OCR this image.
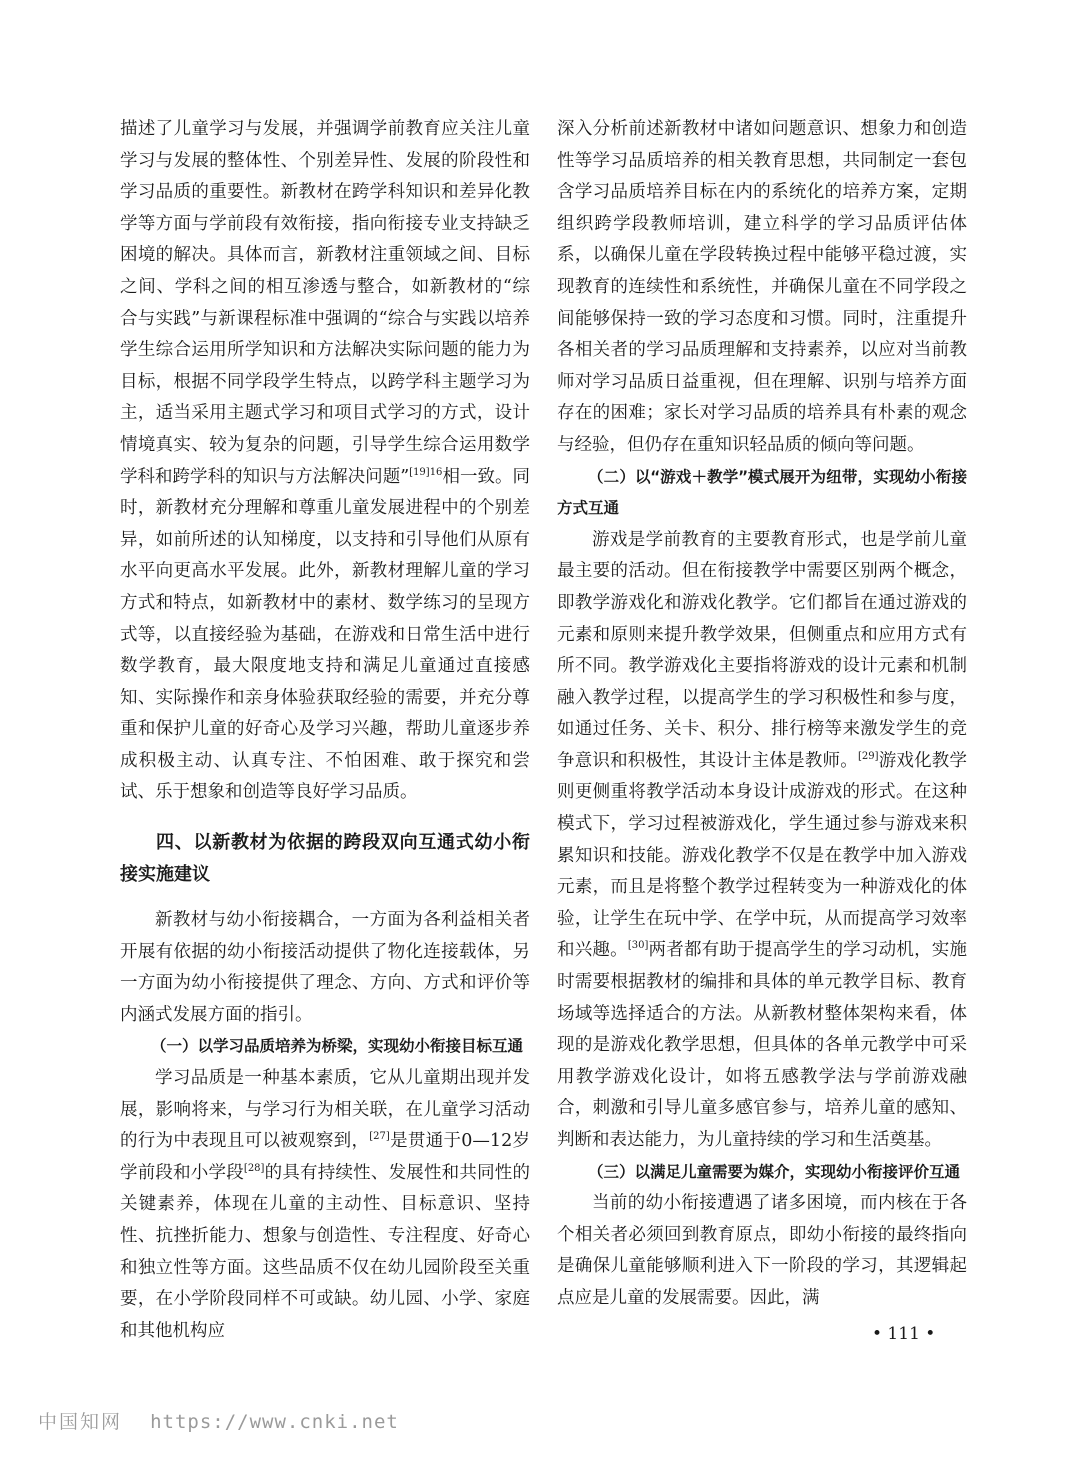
描述了儿童学习与发展，并强调学前教育应关注儿童学习与发展的整体性、个别差异性、发展的阶段性和学习品质的重要性。新教材在跨学科知识和差异化教学等方面与学前段有效衔接，指向衔接专业支持缺乏困境的解决。具体而言，新教材注重领域之间、目标之间、学科之间的相互渗透与整合，如新教材的“综合与实践”与新课程标准中强调的“综合与实践以培养学生综合运用所学知识和方法解决实际问题的能力为目标，根据不同学段学生特点，以跨学科主题学习为主，适当采用主题式学习和项目式学习的方式，设计情境真实、较为复杂的问题，引导学生综合运用数学学科和跨学科的知识与方法解决问题”$^{[19]16}$相一致。同时，新教材充分理解和尊重儿童发展进程中的个别差异，如前所述的认知梯度，以支持和引导他们从原有水平向更高水平发展。此外，新教材理解儿童的学习方式和特点，如新教材中的素材、数学练习的呈现方式等，以直接经验为基础，在游戏和日常生活中进行数学教育，最大限度地支持和满足儿童通过直接感知、实际操作和亲身体验获取经验的需要，并充分尊重和保护儿童的好奇心及学习兴趣，帮助儿童逐步养成积极主动、认真专注、不怕困难、敢于探究和尝试、乐于想象和创造等良好学习品质。

四、以新教材为依据的跨段双向互通式幼小衔接实施建议

新教材与幼小衔接耦合，一方面为各利益相关者开展有依据的幼小衔接活动提供了物化连接载体，另一方面为幼小衔接提供了理念、方向、方式和评价等内涵式发展方面的指引。

（一）以学习品质培养为桥梁，实现幼小衔接目标互通

学习品质是一种基本素质，它从儿童期出现并发展，影响将来，与学习行为相关联，在儿童学习活动的行为中表现且可以被观察到，[27]是贯通于0—12岁学前段和小学段[28]的具有持续性、发展性和共同性的关键素养，体现在儿童的主动性、目标意识、坚持性、抗挫折能力、想象与创造性、专注程度、好奇心和独立性等方面。这些品质不仅在幼儿园阶段至关重要，在小学阶段同样不可或缺。幼儿园、小学、家庭和其他机构应

深入分析前述新教材中诸如问题意识、想象力和创造性等学习品质培养的相关教育思想，共同制定一套包含学习品质培养目标在内的系统化的培养方案，定期组织跨学段教师培训，建立科学的学习品质评估体系，以确保儿童在学段转换过程中能够平稳过渡，实现教育的连续性和系统性，并确保儿童在不同学段之间能够保持一致的学习态度和习惯。同时，注重提升各相关者的学习品质理解和支持素养，以应对当前教师对学习品质日益重视，但在理解、识别与培养方面存在的困难；家长对学习品质的培养具有朴素的观念与经验，但仍存在重知识轻品质的倾向等问题。

（二）以“游戏＋教学”模式展开为纽带，实现幼小衔接方式互通

游戏是学前教育的主要教育形式，也是学前儿童最主要的活动。但在衔接教学中需要区别两个概念，即教学游戏化和游戏化教学。它们都旨在通过游戏的元素和原则来提升教学效果，但侧重点和应用方式有所不同。教学游戏化主要指将游戏的设计元素和机制融入教学过程，以提高学生的学习积极性和参与度，如通过任务、关卡、积分、排行榜等来激发学生的竞争意识和积极性，其设计主体是教师。[29]游戏化教学则更侧重将教学活动本身设计成游戏的形式。在这种模式下，学习过程被游戏化，学生通过参与游戏来积累知识和技能。游戏化教学不仅是在教学中加入游戏元素，而且是将整个教学过程转变为一种游戏化的体验，让学生在玩中学、在学中玩，从而提高学习效率和兴趣。[30]两者都有助于提高学生的学习动机，实施时需要根据教材的编排和具体的单元教学目标、教育场域等选择适合的方法。从新教材整体架构来看，体现的是游戏化教学思想，但具体的各单元教学中可采用教学游戏化设计，如将五感教学法与学前游戏融合，刺激和引导儿童多感官参与，培养儿童的感知、判断和表达能力，为儿童持续的学习和生活奠基。

（三）以满足儿童需要为媒介，实现幼小衔接评价互通

当前的幼小衔接遭遇了诸多困境，而内核在于各个相关者必须回到教育原点，即幼小衔接的最终指向是确保儿童能够顺利进入下一阶段的学习，其逻辑起点应是儿童的发展需要。因此，满

• 111 •
中国知网 https://www.cnki.net
